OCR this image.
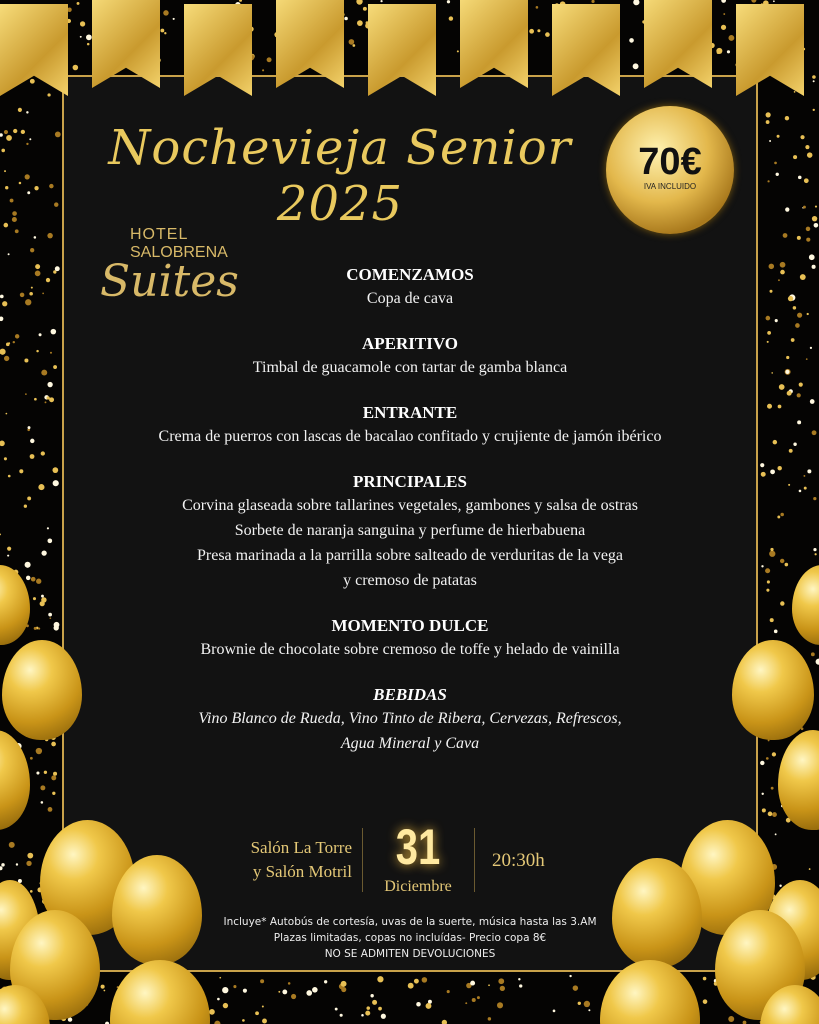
Nochevieja Senior 2025
70€
IVA INCLUIDO
HOTEL
SALOBRENA
Suites	COMENZAMOS

Copa de cava

APERITIVO

Timbal de guacamole con tartar de gamba blanca

ENTRANTE

Crema de puerros con lascas de bacalao confitado y crujiente de jamón ibérico

PRINCIPALES

Corvina glaseada sobre tallarines vegetales, gambones y salsa de ostras

Sorbete de naranja sanguina y perfume de hierbabuena

Presa marinada a la parrilla sobre salteado de verduritas de la vega

y cremoso de patatas

MOMENTO DULCE

Brownie de chocolate sobre cremoso de toffe y helado de vainilla

BEBIDAS

Vino Blanco de Rueda, Vino Tinto de Ribera, Cervezas, Refrescos,

Agua Mineral y Cava

Salón La Torre
y Salón Motril 31
Diciembre
20:30h
Incluye* Autobús de cortesía, uvas de la suerte, música hasta las 3.AM
Plazas limitadas, copas no incluídas- Precio copa 8€
NO SE ADMITEN DEVOLUCIONES
